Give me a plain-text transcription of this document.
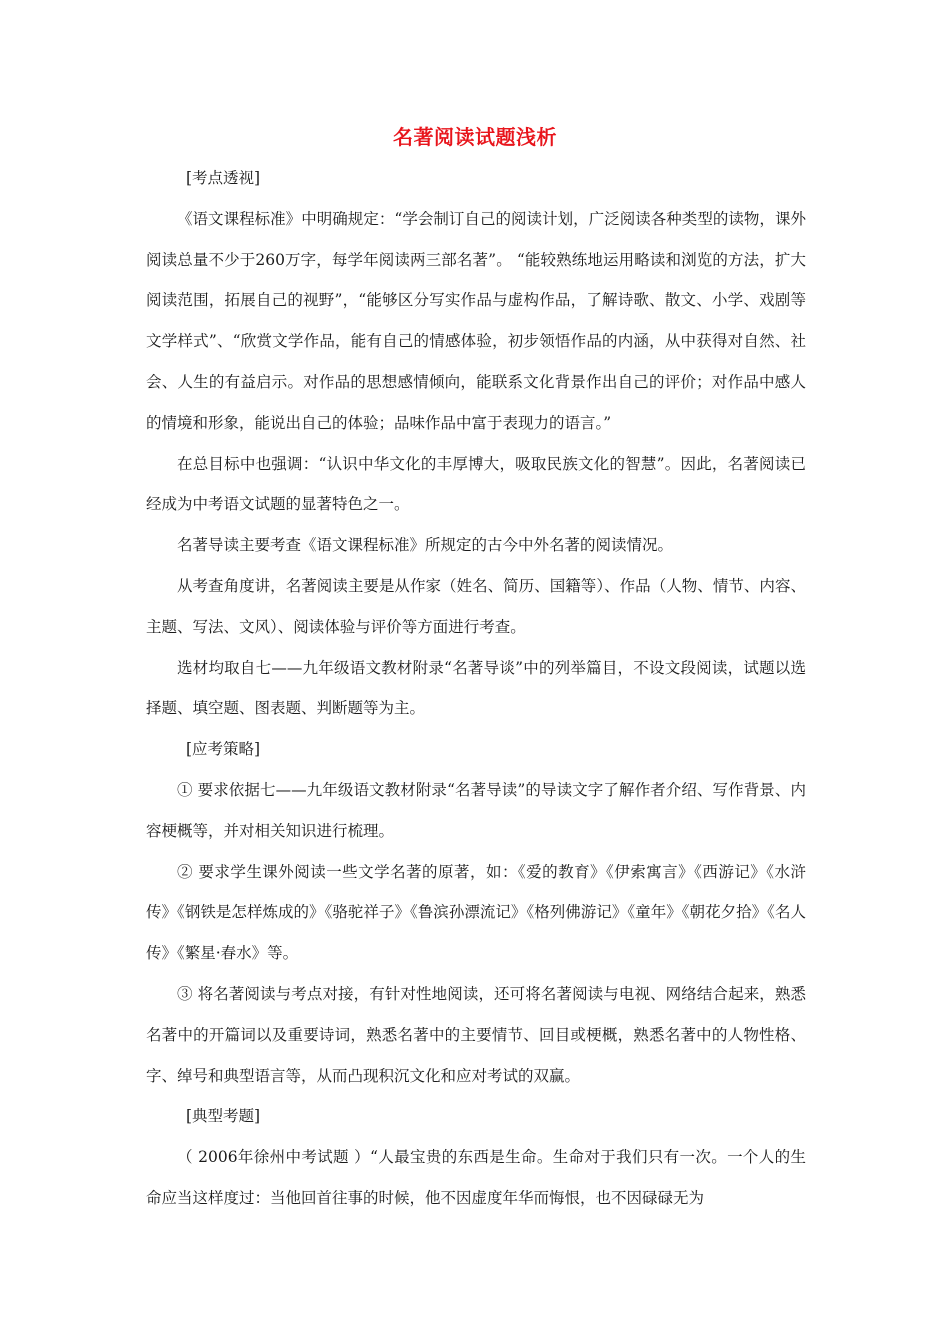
名著阅读试题浅析
[考点透视]

《语文课程标准》中明确规定：“学会制订自己的阅读计划，广泛阅读各种类型的读物，课外阅读总量不少于260万字，每学年阅读两三部名著”。 “能较熟练地运用略读和浏览的方法，扩大阅读范围，拓展自己的视野”，“能够区分写实作品与虚构作品，了解诗歌、散文、小学、戏剧等文学样式”、“欣赏文学作品，能有自己的情感体验，初步领悟作品的内涵，从中获得对自然、社会、人生的有益启示。对作品的思想感情倾向，能联系文化背景作出自己的评价；对作品中感人的情境和形象，能说出自己的体验；品味作品中富于表现力的语言。”

在总目标中也强调：“认识中华文化的丰厚博大，吸取民族文化的智慧”。因此，名著阅读已经成为中考语文试题的显著特色之一。

名著导读主要考查《语文课程标准》所规定的古今中外名著的阅读情况。

从考查角度讲，名著阅读主要是从作家（姓名、简历、国籍等）、作品（人物、情节、内容、主题、写法、文风）、阅读体验与评价等方面进行考查。

选材均取自七——九年级语文教材附录“名著导谈”中的列举篇目，不设文段阅读，试题以选择题、填空题、图表题、判断题等为主。

[应考策略]

① 要求依据七——九年级语文教材附录“名著导读”的导读文字了解作者介绍、写作背景、内容梗概等，并对相关知识进行梳理。

② 要求学生课外阅读一些文学名著的原著，如：《爱的教育》《伊索寓言》《西游记》《水浒传》《钢铁是怎样炼成的》《骆驼祥子》《鲁滨孙漂流记》《格列佛游记》《童年》《朝花夕拾》《名人传》《繁星·春水》等。

③ 将名著阅读与考点对接，有针对性地阅读，还可将名著阅读与电视、网络结合起来，熟悉名著中的开篇词以及重要诗词，熟悉名著中的主要情节、回目或梗概，熟悉名著中的人物性格、字、绰号和典型语言等，从而凸现积沉文化和应对考试的双赢。

[典型考题]

（ 2006年徐州中考试题 ）“人最宝贵的东西是生命。生命对于我们只有一次。一个人的生命应当这样度过：当他回首往事的时候，他不因虚度年华而悔恨，也不因碌碌无为
